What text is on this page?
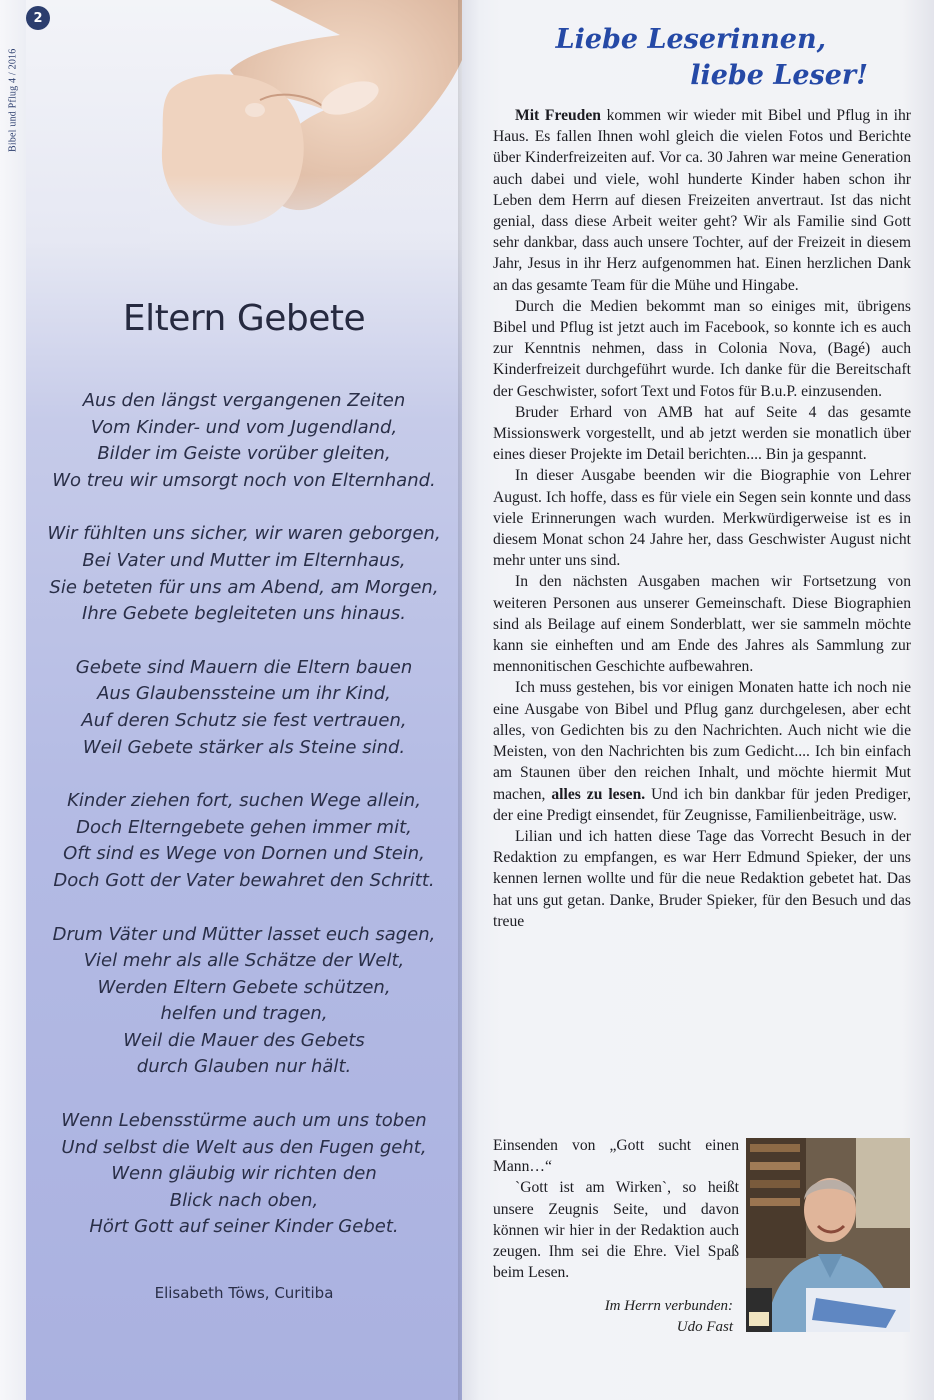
2
Bibel und Pflug 4 / 2016
Eltern Gebete
Aus den längst vergangenen Zeiten
Vom Kinder- und vom Jugendland,
Bilder im Geiste vorüber gleiten,
Wo treu wir umsorgt noch von Elternhand.
Wir fühlten uns sicher, wir waren geborgen,
Bei Vater und Mutter im Elternhaus,
Sie beteten für uns am Abend, am Morgen,
Ihre Gebete begleiteten uns hinaus.
Gebete sind Mauern die Eltern bauen
Aus Glaubenssteine um ihr Kind,
Auf deren Schutz sie fest vertrauen,
Weil Gebete stärker als Steine sind.
Kinder ziehen fort, suchen Wege allein,
Doch Elterngebete gehen immer mit,
Oft sind es Wege von Dornen und Stein,
Doch Gott der Vater bewahret den Schritt.
Drum Väter und Mütter lasset euch sagen,
Viel mehr als alle Schätze der Welt,
Werden Eltern Gebete schützen,
helfen und tragen,
Weil die Mauer des Gebets
durch Glauben nur hält.
Wenn Lebensstürme auch um uns toben
Und selbst die Welt aus den Fugen geht,
Wenn gläubig wir richten den
Blick nach oben,
Hört Gott auf seiner Kinder Gebet.
Elisabeth Töws, Curitiba
Liebe Leserinnen,
liebe Leser!

Mit Freuden kommen wir wieder mit Bibel und Pflug in ihr Haus. Es fallen Ihnen wohl gleich die vielen Fotos und Berichte über Kinderfreizeiten auf. Vor ca. 30 Jahren war meine Generation auch dabei und viele, wohl hunderte Kinder haben schon ihr Leben dem Herrn auf diesen Freizeiten anvertraut. Ist das nicht genial, dass diese Arbeit weiter geht? Wir als Familie sind Gott sehr dankbar, dass auch unsere Tochter, auf der Freizeit in diesem Jahr, Jesus in ihr Herz aufgenommen hat. Einen herzlichen Dank an das gesamte Team für die Mühe und Hingabe.

Durch die Medien bekommt man so einiges mit, übrigens Bibel und Pflug ist jetzt auch im Facebook, so konnte ich es auch zur Kenntnis nehmen, dass in Colonia Nova, (Bagé) auch Kinderfreizeit durchgeführt wurde. Ich danke für die Bereitschaft der Geschwister, sofort Text und Fotos für B.u.P. einzusenden.

Bruder Erhard von AMB hat auf Seite 4 das gesamte Missionswerk vorgestellt, und ab jetzt werden sie monatlich über eines dieser Projekte im Detail berichten.... Bin ja gespannt.

In dieser Ausgabe beenden wir die Biographie von Lehrer August. Ich hoffe, dass es für viele ein Segen sein konnte und dass viele Erinnerungen wach wurden. Merkwürdigerweise ist es in diesem Monat schon 24 Jahre her, dass Geschwister August nicht mehr unter uns sind.

In den nächsten Ausgaben machen wir Fortsetzung von weiteren Personen aus unserer Gemeinschaft. Diese Biographien sind als Beilage auf einem Sonderblatt, wer sie sammeln möchte kann sie einheften und am Ende des Jahres als Sammlung zur mennonitischen Geschichte aufbewahren.

Ich muss gestehen, bis vor einigen Monaten hatte ich noch nie eine Ausgabe von Bibel und Pflug ganz durchgelesen, aber echt alles, von Gedichten bis zu den Nachrichten. Auch nicht wie die Meisten, von den Nachrichten bis zum Gedicht.... Ich bin einfach am Staunen über den reichen Inhalt, und möchte hiermit Mut machen, alles zu lesen. Und ich bin dankbar für jeden Prediger, der eine Predigt einsendet, für Zeugnisse, Familienbeiträge, usw.

Lilian und ich hatten diese Tage das Vorrecht Besuch in der Redaktion zu empfangen, es war Herr Edmund Spieker, der uns kennen lernen wollte und für die neue Redaktion gebetet hat. Das hat uns gut getan. Danke, Bruder Spieker, für den Besuch und das treue

Einsenden von „Gott sucht einen Mann…“

`Gott ist am Wirken`, so heißt unsere Zeugnis Seite, und davon können wir hier in der Redaktion auch zeugen. Ihm sei die Ehre. Viel Spaß beim Lesen.

Im Herrn verbunden:
Udo Fast
